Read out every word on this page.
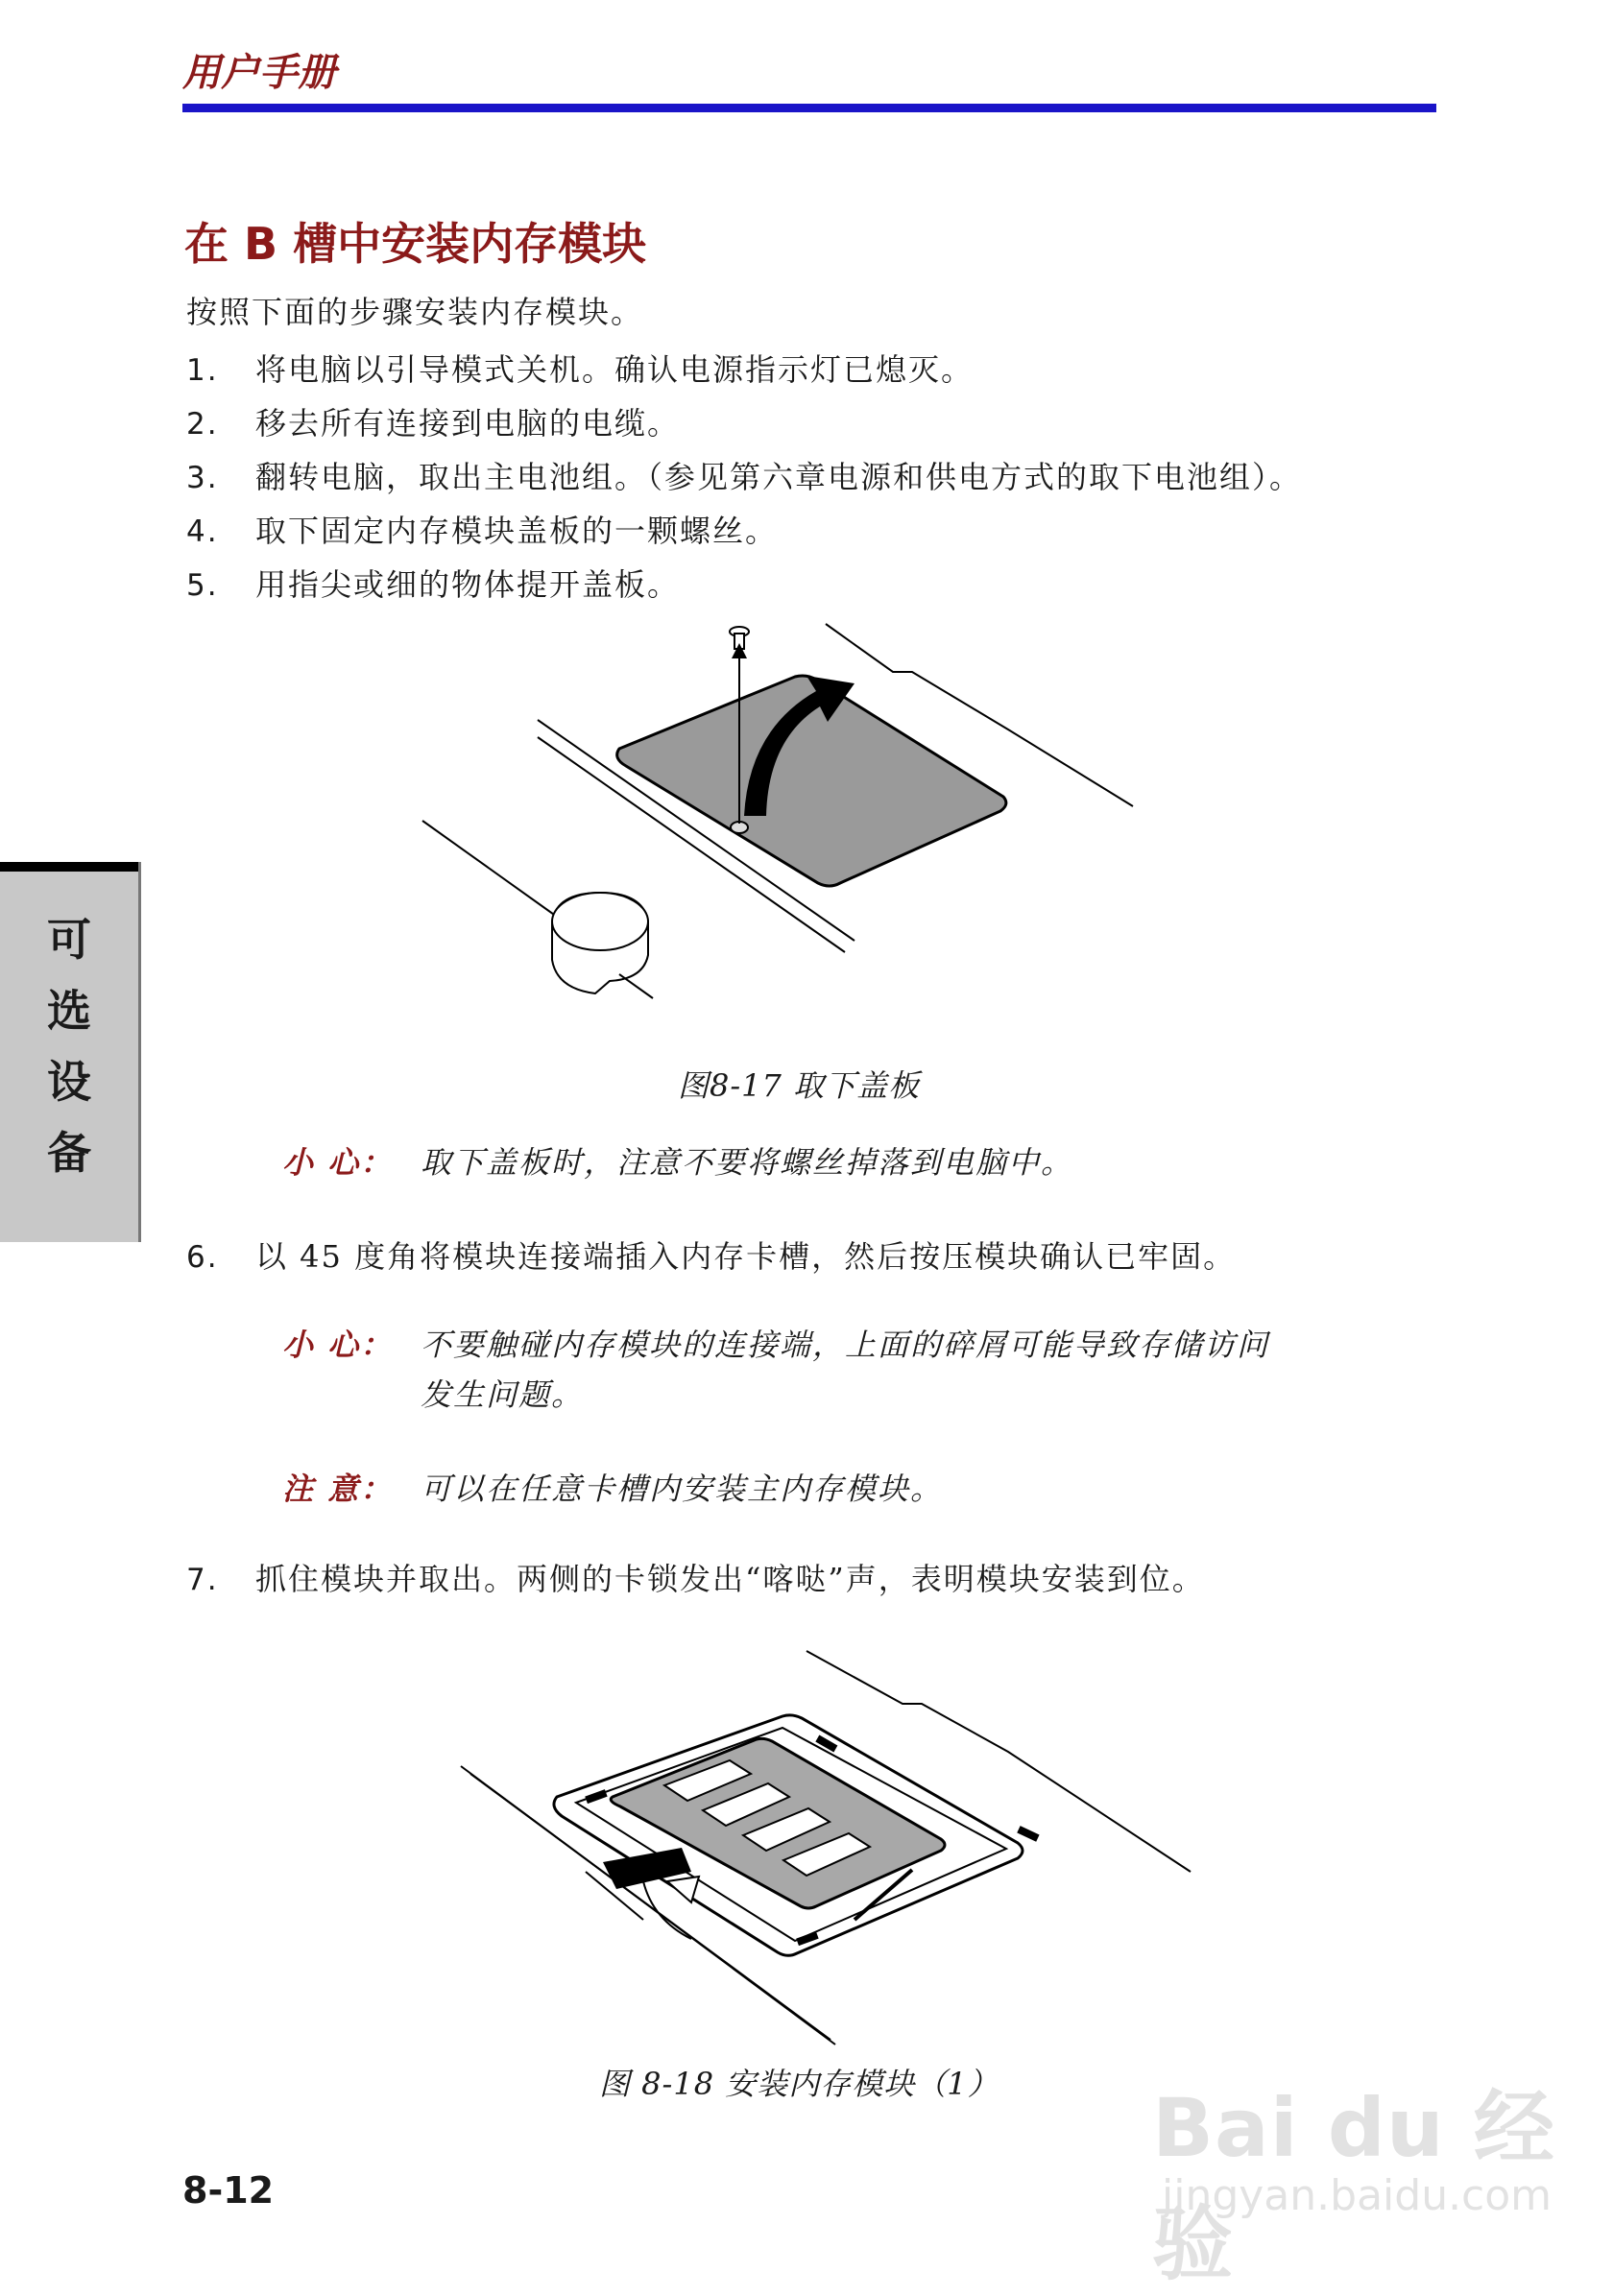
用户手册
在 B 槽中安装内存模块
按照下面的步骤安装内存模块。
1. 将电脑以引导模式关机。确认电源指示灯已熄灭。
2. 移去所有连接到电脑的电缆。
3. 翻转电脑，取出主电池组。（参见第六章电源和供电方式的取下电池组）。
4. 取下固定内存模块盖板的一颗螺丝。
5. 用指尖或细的物体提开盖板。
图8-17 取下盖板
小 心： 取下盖板时，注意不要将螺丝掉落到电脑中。
6. 以 45 度角将模块连接端插入内存卡槽，然后按压模块确认已牢固。
小 心： 不要触碰内存模块的连接端，上面的碎屑可能导致存储访问
发生问题。
注 意： 可以在任意卡槽内安装主内存模块。
7. 抓住模块并取出。两侧的卡锁发出“喀哒”声，表明模块安装到位。
图 8-18 安装内存模块（1）
可
选
设
备
8-12
Bai du 经验
jingyan.baidu.com
